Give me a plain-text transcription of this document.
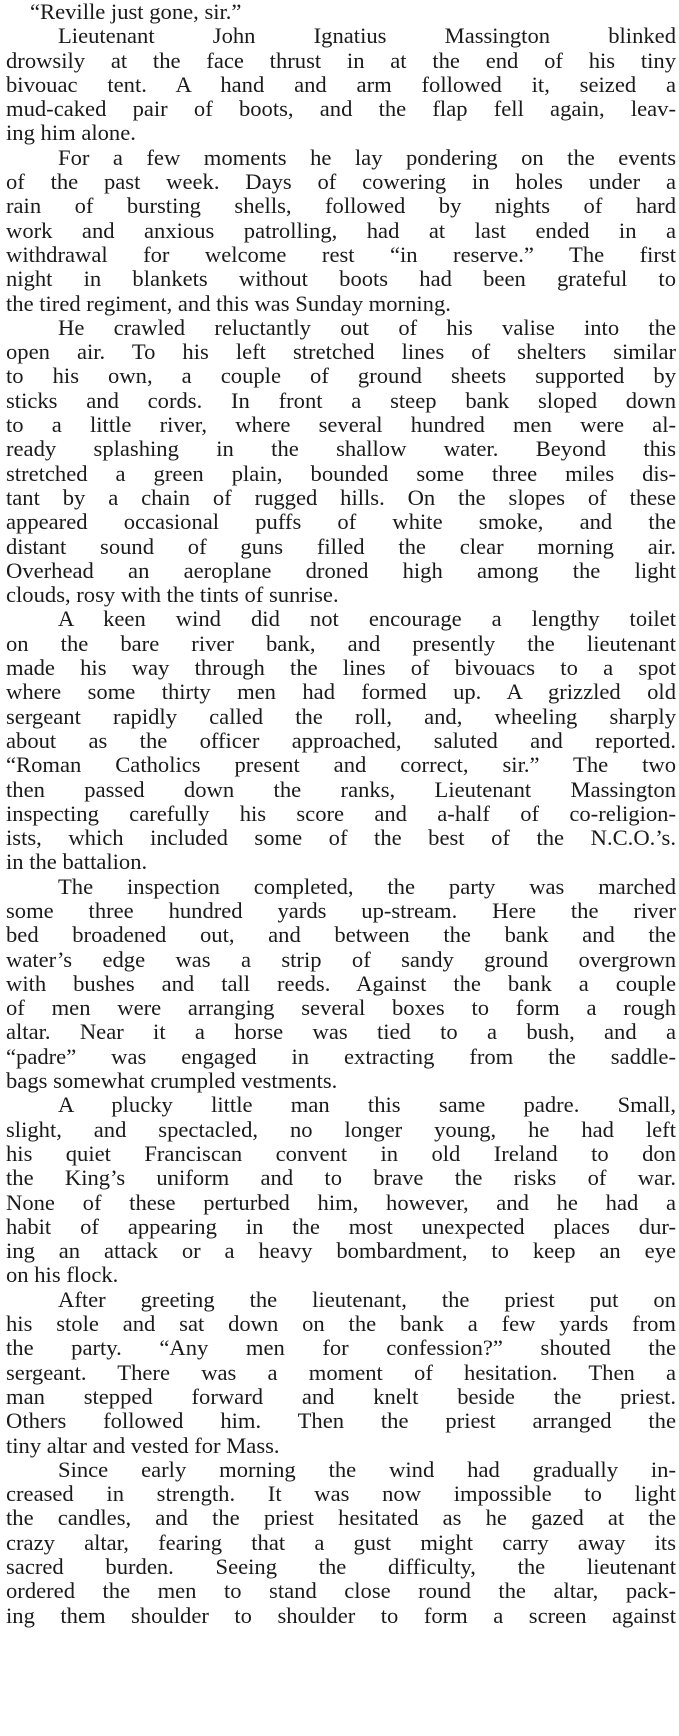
“Reville just gone, sir.”
Lieutenant John Ignatius Massington blinked
drowsily at the face thrust in at the end of his tiny
bivouac tent. A hand and arm followed it, seized a
mud-caked pair of boots, and the flap fell again, leav-
ing him alone.
For a few moments he lay pondering on the events
of the past week. Days of cowering in holes under a
rain of bursting shells, followed by nights of hard
work and anxious patrolling, had at last ended in a
withdrawal for welcome rest “in reserve.” The first
night in blankets without boots had been grateful to
the tired regiment, and this was Sunday morning.
He crawled reluctantly out of his valise into the
open air. To his left stretched lines of shelters similar
to his own, a couple of ground sheets supported by
sticks and cords. In front a steep bank sloped down
to a little river, where several hundred men were al-
ready splashing in the shallow water. Beyond this
stretched a green plain, bounded some three miles dis-
tant by a chain of rugged hills. On the slopes of these
appeared occasional puffs of white smoke, and the
distant sound of guns filled the clear morning air.
Overhead an aeroplane droned high among the light
clouds, rosy with the tints of sunrise.
A keen wind did not encourage a lengthy toilet
on the bare river bank, and presently the lieutenant
made his way through the lines of bivouacs to a spot
where some thirty men had formed up. A grizzled old
sergeant rapidly called the roll, and, wheeling sharply
about as the officer approached, saluted and reported.
“Roman Catholics present and correct, sir.” The two
then passed down the ranks, Lieutenant Massington
inspecting carefully his score and a-half of co-religion-
ists, which included some of the best of the N.C.O.’s.
in the battalion.
The inspection completed, the party was marched
some three hundred yards up-stream. Here the river
bed broadened out, and between the bank and the
water’s edge was a strip of sandy ground overgrown
with bushes and tall reeds. Against the bank a couple
of men were arranging several boxes to form a rough
altar. Near it a horse was tied to a bush, and a
“padre” was engaged in extracting from the saddle-
bags somewhat crumpled vestments.
A plucky little man this same padre. Small,
slight, and spectacled, no longer young, he had left
his quiet Franciscan convent in old Ireland to don
the King’s uniform and to brave the risks of war.
None of these perturbed him, however, and he had a
habit of appearing in the most unexpected places dur-
ing an attack or a heavy bombardment, to keep an eye
on his flock.
After greeting the lieutenant, the priest put on
his stole and sat down on the bank a few yards from
the party. “Any men for confession?” shouted the
sergeant. There was a moment of hesitation. Then a
man stepped forward and knelt beside the priest.
Others followed him. Then the priest arranged the
tiny altar and vested for Mass.
Since early morning the wind had gradually in-
creased in strength. It was now impossible to light
the candles, and the priest hesitated as he gazed at the
crazy altar, fearing that a gust might carry away its
sacred burden. Seeing the difficulty, the lieutenant
ordered the men to stand close round the altar, pack-
ing them shoulder to shoulder to form a screen against
